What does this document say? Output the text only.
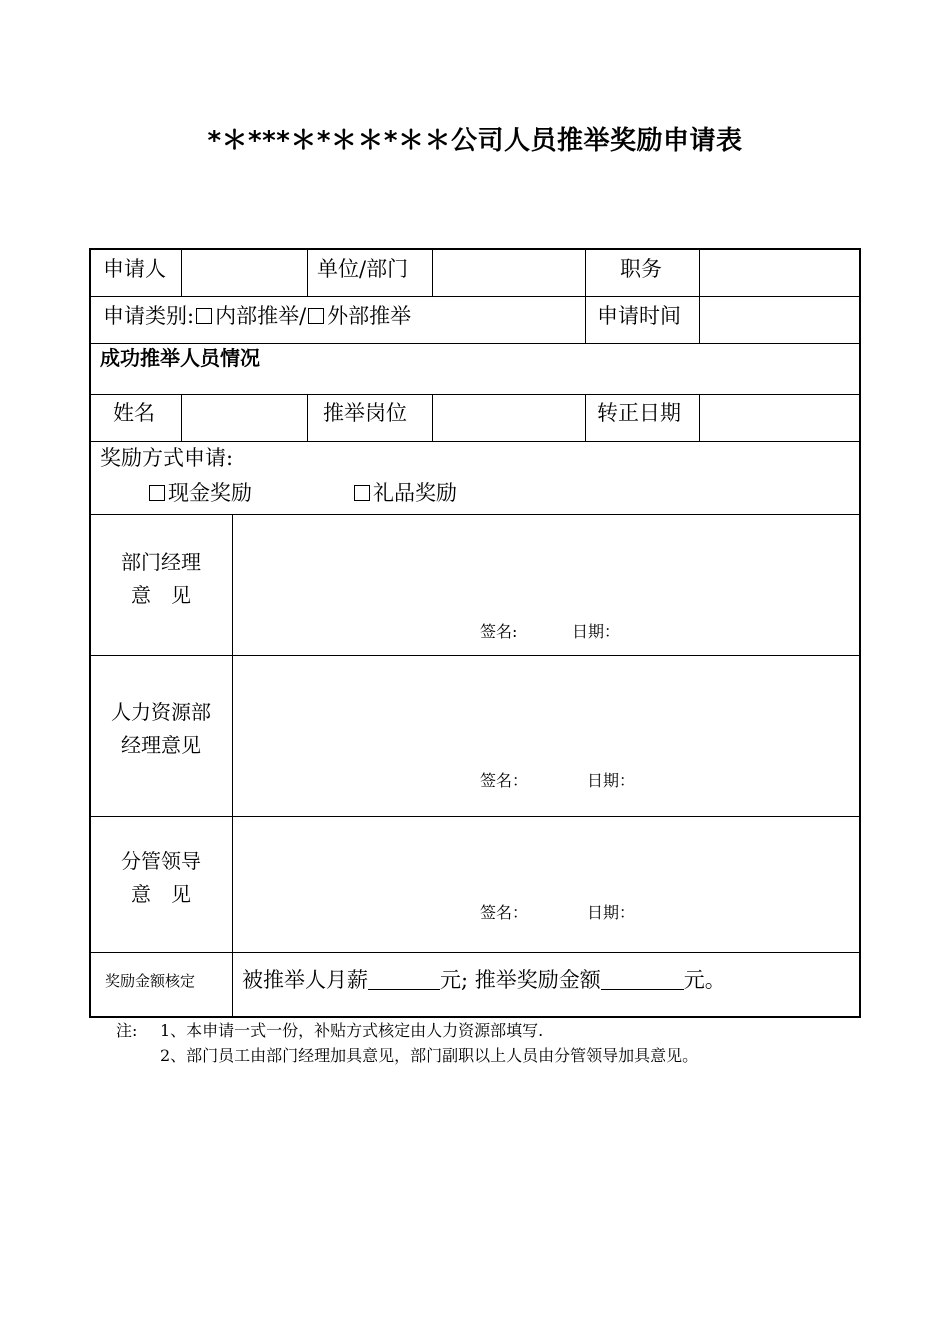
*＊***＊*＊＊*＊＊公司人员推举奖励申请表
申请人	单位/部门	职务
申请类别: 内部推举/ 外部推举	申请时间
成功推举人员情况
姓名	推举岗位	转正日期
奖励方式申请:
现金奖励	礼品奖励
部门经理
意　见
签名:	日期：
人力资源部
经理意见
签名：	日期：
分管领导
意　见
签名：	日期：
奖励金额核定 被推举人月薪	元; 推举奖励金额	元。
注: 1、本申请一式一份，补贴方式核定由人力资源部填写.
2、部门员工由部门经理加具意见，部门副职以上人员由分管领导加具意见。
